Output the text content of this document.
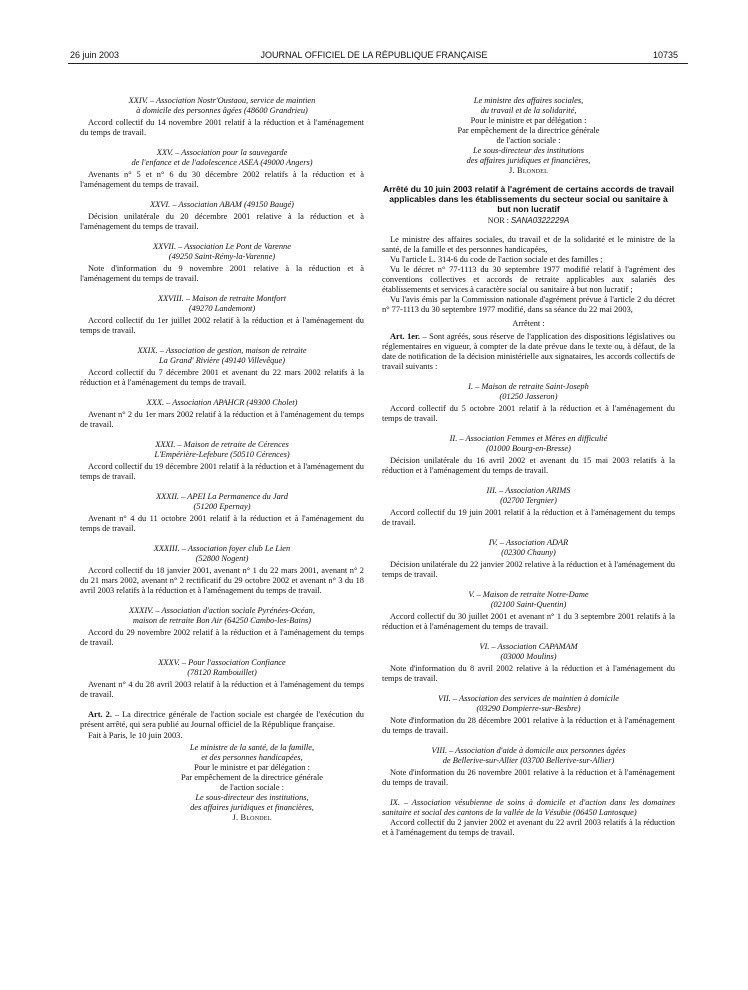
26 juin 2003	JOURNAL OFFICIEL DE LA RÉPUBLIQUE FRANÇAISE	10735
XXIV. – Association Nostr'Oustaou, service de maintien
à domicile des personnes âgées (48600 Grandrieu)
Accord collectif du 14 novembre 2001 relatif à la réduction et à l'aménagement du temps de travail.
XXV. – Association pour la sauvegarde
de l'enfance et de l'adolescence ASEA (49000 Angers)
Avenants n° 5 et n° 6 du 30 décembre 2002 relatifs à la réduction et à l'aménagement du temps de travail.
XXVI. – Association ABAM (49150 Baugé)
Décision unilatérale du 20 décembre 2001 relative à la réduction et à l'aménagement du temps de travail.
XXVII. – Association Le Pont de Varenne
(49250 Saint-Rémy-la-Varenne)
Note d'information du 9 novembre 2001 relative à la réduction et à l'aménagement du temps de travail.
XXVIII. – Maison de retraite Montfort
(49270 Landemont)
Accord collectif du 1er juillet 2002 relatif à la réduction et à l'aménagement du temps de travail.
XXIX. – Association de gestion, maison de retraite
La Grand' Rivière (49140 Villevêque)
Accord collectif du 7 décembre 2001 et avenant du 22 mars 2002 relatifs à la réduction et à l'aménagement du temps de travail.
XXX. – Association APAHCR (49300 Cholet)
Avenant n° 2 du 1er mars 2002 relatif à la réduction et à l'aménagement du temps de travail.
XXXI. – Maison de retraite de Cérences
L'Empérière-Lefebure (50510 Cérences)
Accord collectif du 19 décembre 2001 relatif à la réduction et à l'aménagement du temps de travail.
XXXII. – APEI La Permanence du Jard
(51200 Epernay)
Avenant n° 4 du 11 octobre 2001 relatif à la réduction et à l'aménagement du temps de travail.
XXXIII. – Association foyer club Le Lien
(52800 Nogent)
Accord collectif du 18 janvier 2001, avenant n° 1 du 22 mars 2001, avenant n° 2 du 21 mars 2002, avenant n° 2 rectificatif du 29 octobre 2002 et avenant n° 3 du 18 avril 2003 relatifs à la réduction et à l'aménagement du temps de travail.
XXXIV. – Association d'action sociale Pyrénées-Océan,
maison de retraite Bon Air (64250 Cambo-les-Bains)
Accord du 29 novembre 2002 relatif à la réduction et à l'aménagement du temps de travail.
XXXV. – Pour l'association Confiance
(78120 Rambouillet)
Avenant n° 4 du 28 avril 2003 relatif à la réduction et à l'aménagement du temps de travail.
Art. 2. – La directrice générale de l'action sociale est chargée de l'exécution du présent arrêté, qui sera publié au Journal officiel de la République française.
Fait à Paris, le 10 juin 2003.
Le ministre de la santé, de la famille,
et des personnes handicapées,
Pour le ministre et par délégation :
Par empêchement de la directrice générale
de l'action sociale :
Le sous-directeur des institutions,
des affaires juridiques et financières,
J. Blondel
Le ministre des affaires sociales,
du travail et de la solidarité,
Pour le ministre et par délégation :
Par empêchement de la directrice générale
de l'action sociale :
Le sous-directeur des institutions
des affaires juridiques et financières,
J. Blondel
Arrêté du 10 juin 2003 relatif à l'agrément de certains accords de travail applicables dans les établissements du secteur social ou sanitaire à but non lucratif
NOR : SANA0322229A
Le ministre des affaires sociales, du travail et de la solidarité et le ministre de la santé, de la famille et des personnes handicapées,
Vu l'article L. 314-6 du code de l'action sociale et des familles ;
Vu le décret n° 77-1113 du 30 septembre 1977 modifié relatif à l'agrément des conventions collectives et accords de retraite applicables aux salariés des établissements et services à caractère social ou sanitaire à but non lucratif ;
Vu l'avis émis par la Commission nationale d'agrément prévue à l'article 2 du décret n° 77-1113 du 30 septembre 1977 modifié, dans sa séance du 22 mai 2003,
Arrêtent :
Art. 1er. – Sont agréés, sous réserve de l'application des dispositions législatives ou réglementaires en vigueur, à compter de la date prévue dans le texte ou, à défaut, de la date de notification de la décision ministérielle aux signataires, les accords collectifs de travail suivants :
I. – Maison de retraite Saint-Joseph
(01250 Jasseron)
Accord collectif du 5 octobre 2001 relatif à la réduction et à l'aménagement du temps de travail.
II. – Association Femmes et Mères en difficulté
(01000 Bourg-en-Bresse)
Décision unilatérale du 16 avril 2002 et avenant du 15 mai 2003 relatifs à la réduction et à l'aménagement du temps de travail.
III. – Association ARIMS
(02700 Tergnier)
Accord collectif du 19 juin 2001 relatif à la réduction et à l'aménagement du temps de travail.
IV. – Association ADAR
(02300 Chauny)
Décision unilatérale du 22 janvier 2002 relative à la réduction et à l'aménagement du temps de travail.
V. – Maison de retraite Notre-Dame
(02100 Saint-Quentin)
Accord collectif du 30 juillet 2001 et avenant n° 1 du 3 septembre 2001 relatifs à la réduction et à l'aménagement du temps de travail.
VI. – Association CAPAMAM
(03000 Moulins)
Note d'information du 8 avril 2002 relative à la réduction et à l'aménagement du temps de travail.
VII. – Association des services de maintien à domicile
(03290 Dompierre-sur-Besbre)
Note d'information du 28 décembre 2001 relative à la réduction et à l'aménagement du temps de travail.
VIII. – Association d'aide à domicile aux personnes âgées
de Bellerive-sur-Allier (03700 Bellerive-sur-Allier)
Note d'information du 26 novembre 2001 relative à la réduction et à l'aménagement du temps de travail.
IX. – Association vésubienne de soins à domicile et d'action dans les domaines sanitaire et social des cantons de la vallée de la Vésubie (06450 Lantosque)
Accord collectif du 2 janvier 2002 et avenant du 22 avril 2003 relatifs à la réduction et à l'aménagement du temps de travail.
